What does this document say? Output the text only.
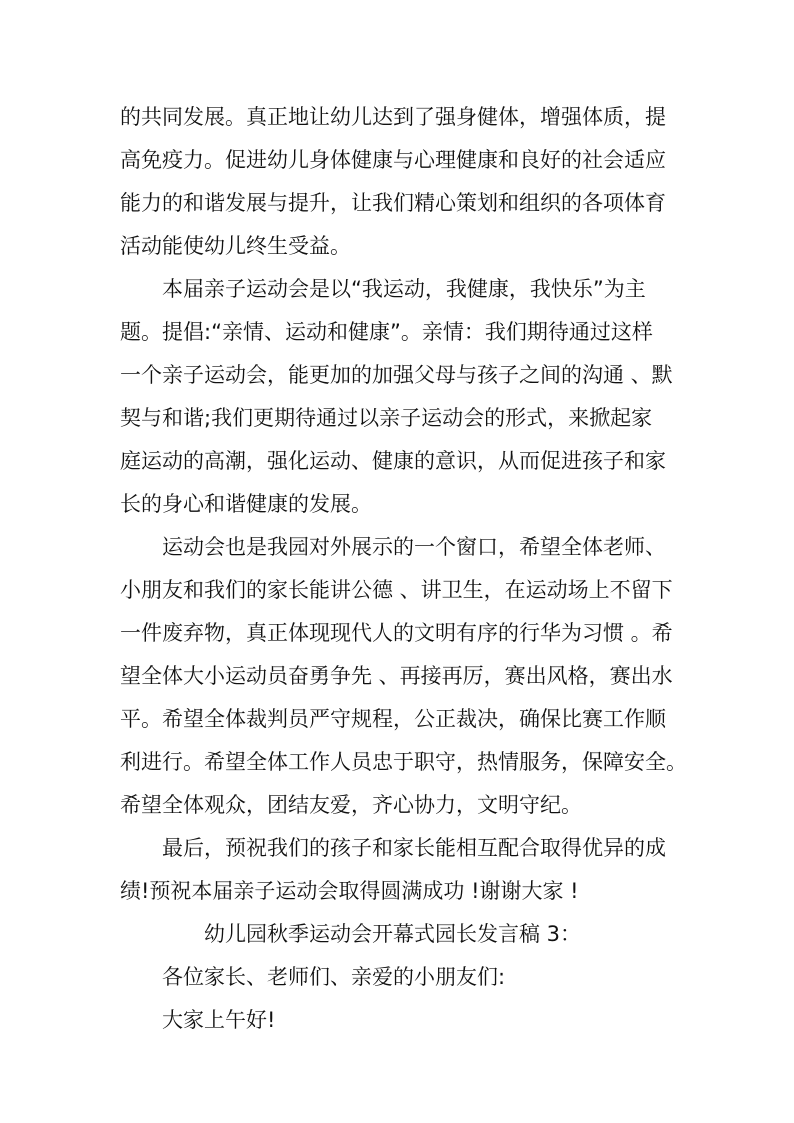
的共同发展。真正地让幼儿达到了强身健体，增强体质，提
高免疫力。促进幼儿身体健康与心理健康和良好的社会适应
能力的和谐发展与提升，让我们精心策划和组织的各项体育
活动能使幼儿终生受益。
本届亲子运动会是以“我运动，我健康，我快乐”为主
题。提倡:“亲情、运动和健康”。亲情：我们期待通过这样
一个亲子运动会，能更加的加强父母与孩子之间的沟通 、默
契与和谐;我们更期待通过以亲子运动会的形式，来掀起家
庭运动的高潮，强化运动、健康的意识，从而促进孩子和家
长的身心和谐健康的发展。
运动会也是我园对外展示的一个窗口，希望全体老师、
小朋友和我们的家长能讲公德 、讲卫生，在运动场上不留下
一件废弃物，真正体现现代人的文明有序的行华为习惯 。希
望全体大小运动员奋勇争先 、再接再厉，赛出风格，赛出水
平。希望全体裁判员严守规程，公正裁决，确保比赛工作顺
利进行。希望全体工作人员忠于职守，热情服务，保障安全。
希望全体观众，团结友爱，齐心协力，文明守纪。
最后，预祝我们的孩子和家长能相互配合取得优异的成
绩!预祝本届亲子运动会取得圆满成功 !谢谢大家 !
幼儿园秋季运动会开幕式园长发言稿 3：
各位家长、老师们、亲爱的小朋友们:
大家上午好!
